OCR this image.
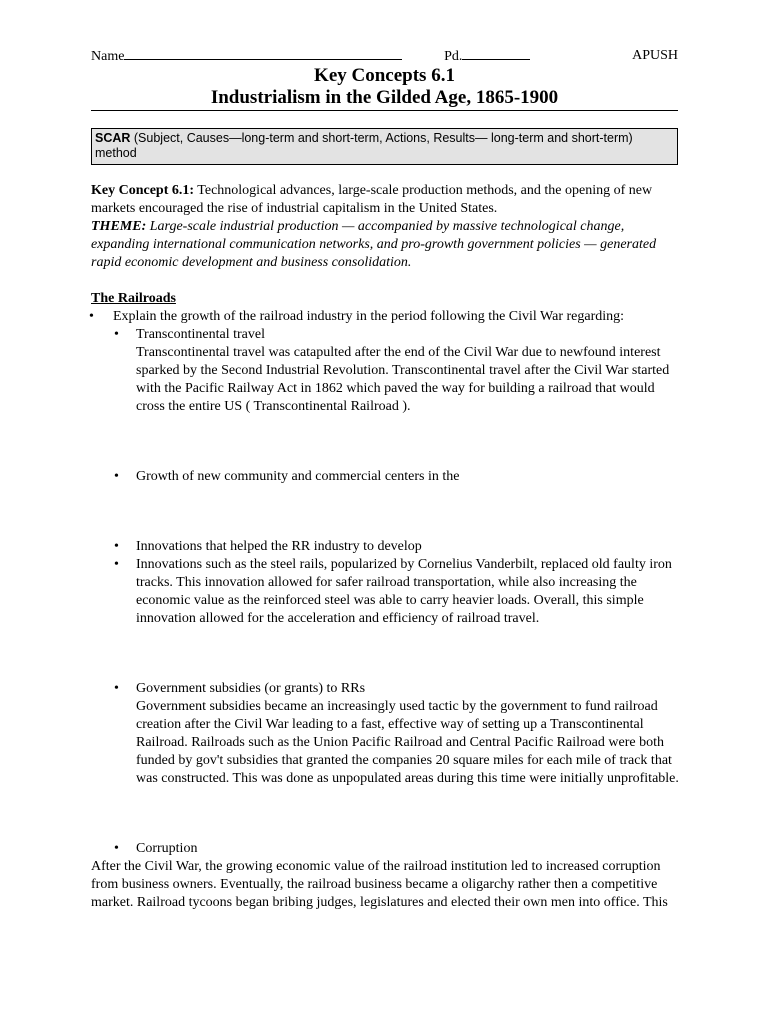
Name	Pd.	APUSH
Key Concepts 6.1
Industrialism in the Gilded Age, 1865-1900
SCAR (Subject, Causes—long-term and short-term, Actions, Results— long-term and short-term) method
Key Concept 6.1: Technological advances, large-scale production methods, and the opening of new markets encouraged the rise of industrial capitalism in the United States.
THEME: Large-scale industrial production — accompanied by massive technological change, expanding international communication networks, and pro-growth government policies — generated rapid economic development and business consolidation.
The Railroads
• Explain the growth of the railroad industry in the period following the Civil War regarding:
• Transcontinental travel
Transcontinental travel was catapulted after the end of the Civil War due to newfound interest sparked by the Second Industrial Revolution. Transcontinental travel after the Civil War started with the Pacific Railway Act in 1862 which paved the way for building a railroad that would cross the entire US ( Transcontinental Railroad ).
• Growth of new community and commercial centers in the
• Innovations that helped the RR industry to develop
• Innovations such as the steel rails, popularized by Cornelius Vanderbilt, replaced old faulty iron tracks. This innovation allowed for safer railroad transportation, while also increasing the economic value as the reinforced steel was able to carry heavier loads. Overall, this simple innovation allowed for the acceleration and efficiency of railroad travel.
• Government subsidies (or grants) to RRs
Government subsidies became an increasingly used tactic by the government to fund railroad creation after the Civil War leading to a fast, effective way of setting up a Transcontinental Railroad. Railroads such as the Union Pacific Railroad and Central Pacific Railroad were both funded by gov't subsidies that granted the companies 20 square miles for each mile of track that was constructed. This was done as unpopulated areas during this time were initially unprofitable.
• Corruption
After the Civil War, the growing economic value of the railroad institution led to increased corruption from business owners. Eventually, the railroad business became a oligarchy rather then a competitive market. Railroad tycoons began bribing judges, legislatures and elected their own men into office. This
